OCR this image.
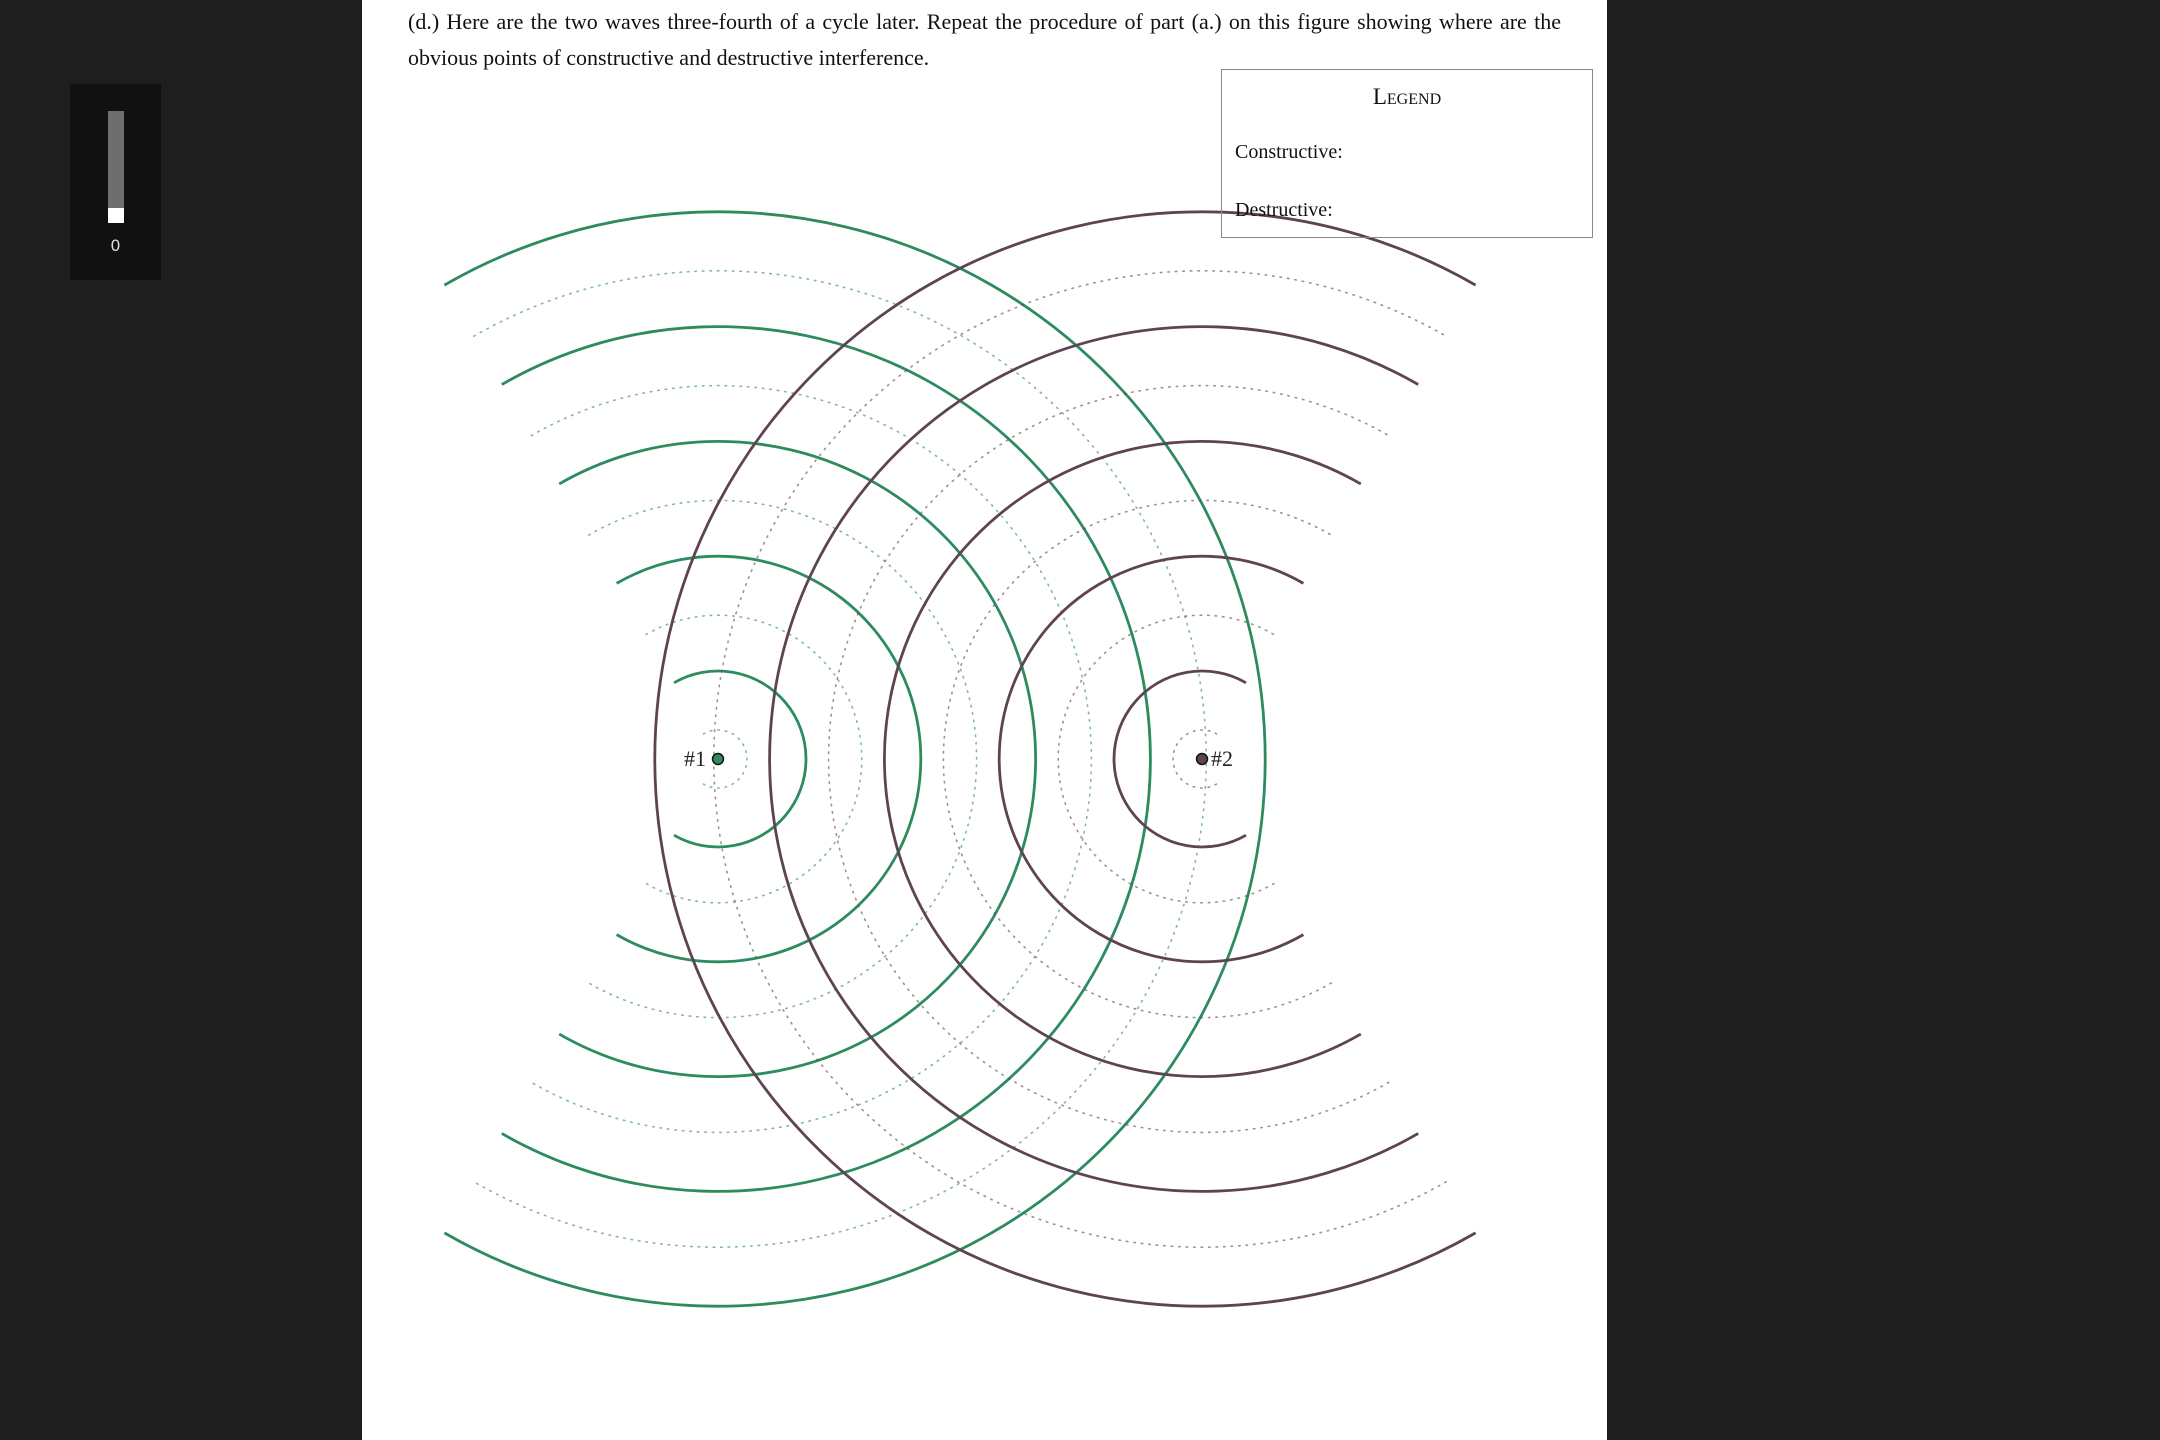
0
#1	#2
(d.) Here are the two waves three-fourth of a cycle later. Repeat the procedure of part (a.) on this figure showing where are the obvious points of constructive and destructive interference.
Legend
Constructive:
Destructive:
